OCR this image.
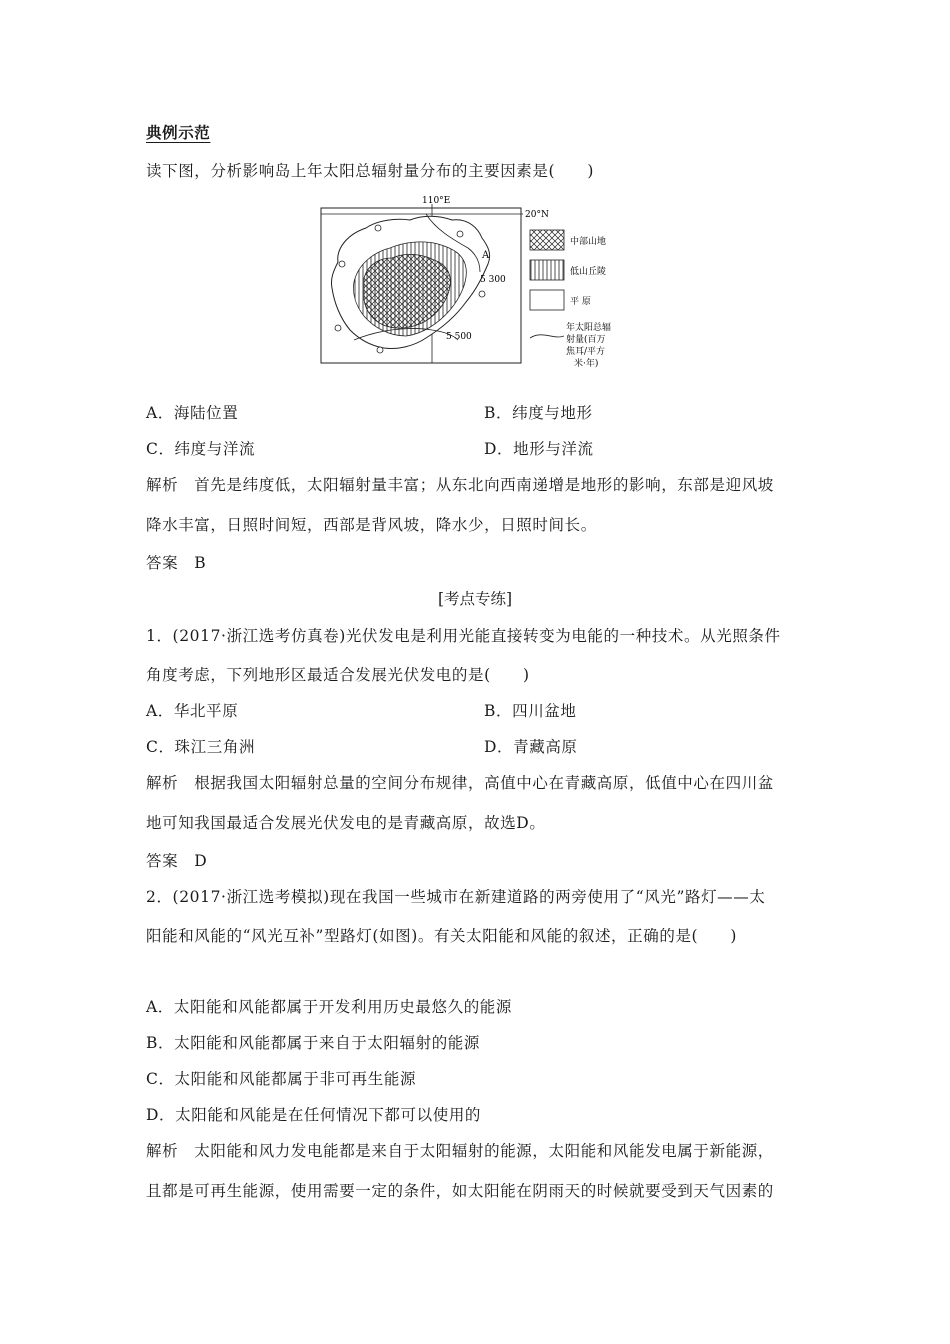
典例示范
读下图，分析影响岛上年太阳总辐射量分布的主要因素是(　　)
110°E
20°N
A
5 300
5 500
中部山地
低山丘陵
平 原
年太阳总辐
射量(百万
焦耳/平方
米·年)
A．海陆位置	B．纬度与地形
C．纬度与洋流	D．地形与洋流
解析　首先是纬度低，太阳辐射量丰富；从东北向西南递增是地形的影响，东部是迎风坡
降水丰富，日照时间短，西部是背风坡，降水少，日照时间长。
答案　B
[考点专练]
1．(2017·浙江选考仿真卷)光伏发电是利用光能直接转变为电能的一种技术。从光照条件
角度考虑，下列地形区最适合发展光伏发电的是(　　)
A．华北平原	B．四川盆地
C．珠江三角洲	D．青藏高原
解析　根据我国太阳辐射总量的空间分布规律，高值中心在青藏高原，低值中心在四川盆
地可知我国最适合发展光伏发电的是青藏高原，故选D。
答案　D
2．(2017·浙江选考模拟)现在我国一些城市在新建道路的两旁使用了“风光”路灯——太
阳能和风能的“风光互补”型路灯(如图)。有关太阳能和风能的叙述，正确的是(　　)
A．太阳能和风能都属于开发利用历史最悠久的能源
B．太阳能和风能都属于来自于太阳辐射的能源
C．太阳能和风能都属于非可再生能源
D．太阳能和风能是在任何情况下都可以使用的
解析　太阳能和风力发电能都是来自于太阳辐射的能源，太阳能和风能发电属于新能源，
且都是可再生能源，使用需要一定的条件，如太阳能在阴雨天的时候就要受到天气因素的
